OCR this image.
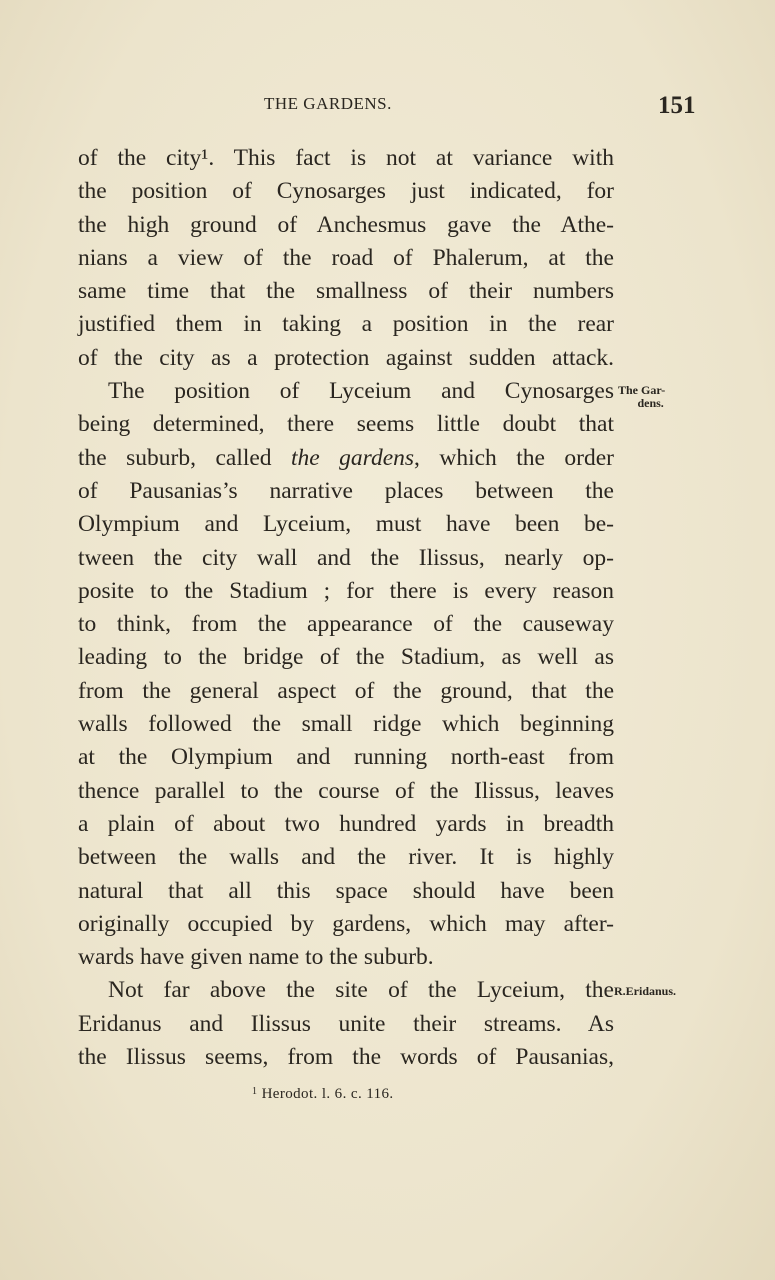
THE GARDENS.	151
of the city¹. This fact is not at variance with
the position of Cynosarges just indicated, for
the high ground of Anchesmus gave the Athe-
nians a view of the road of Phalerum, at the
same time that the smallness of their numbers
justified them in taking a position in the rear
of the city as a protection against sudden attack.
The position of Lyceium and Cynosarges
being determined, there seems little doubt that
the suburb, called the gardens, which the order
of Pausanias’s narrative places between the
Olympium and Lyceium, must have been be-
tween the city wall and the Ilissus, nearly op-
posite to the Stadium ; for there is every reason
to think, from the appearance of the causeway
leading to the bridge of the Stadium, as well as
from the general aspect of the ground, that the
walls followed the small ridge which beginning
at the Olympium and running north-east from
thence parallel to the course of the Ilissus, leaves
a plain of about two hundred yards in breadth
between the walls and the river. It is highly
natural that all this space should have been
originally occupied by gardens, which may after-
wards have given name to the suburb.
Not far above the site of the Lyceium, the
Eridanus and Ilissus unite their streams. As
the Ilissus seems, from the words of Pausanias,
The Gar-
dens.
R.Eridanus.
$^1$ Herodot. l. 6. c. 116.
